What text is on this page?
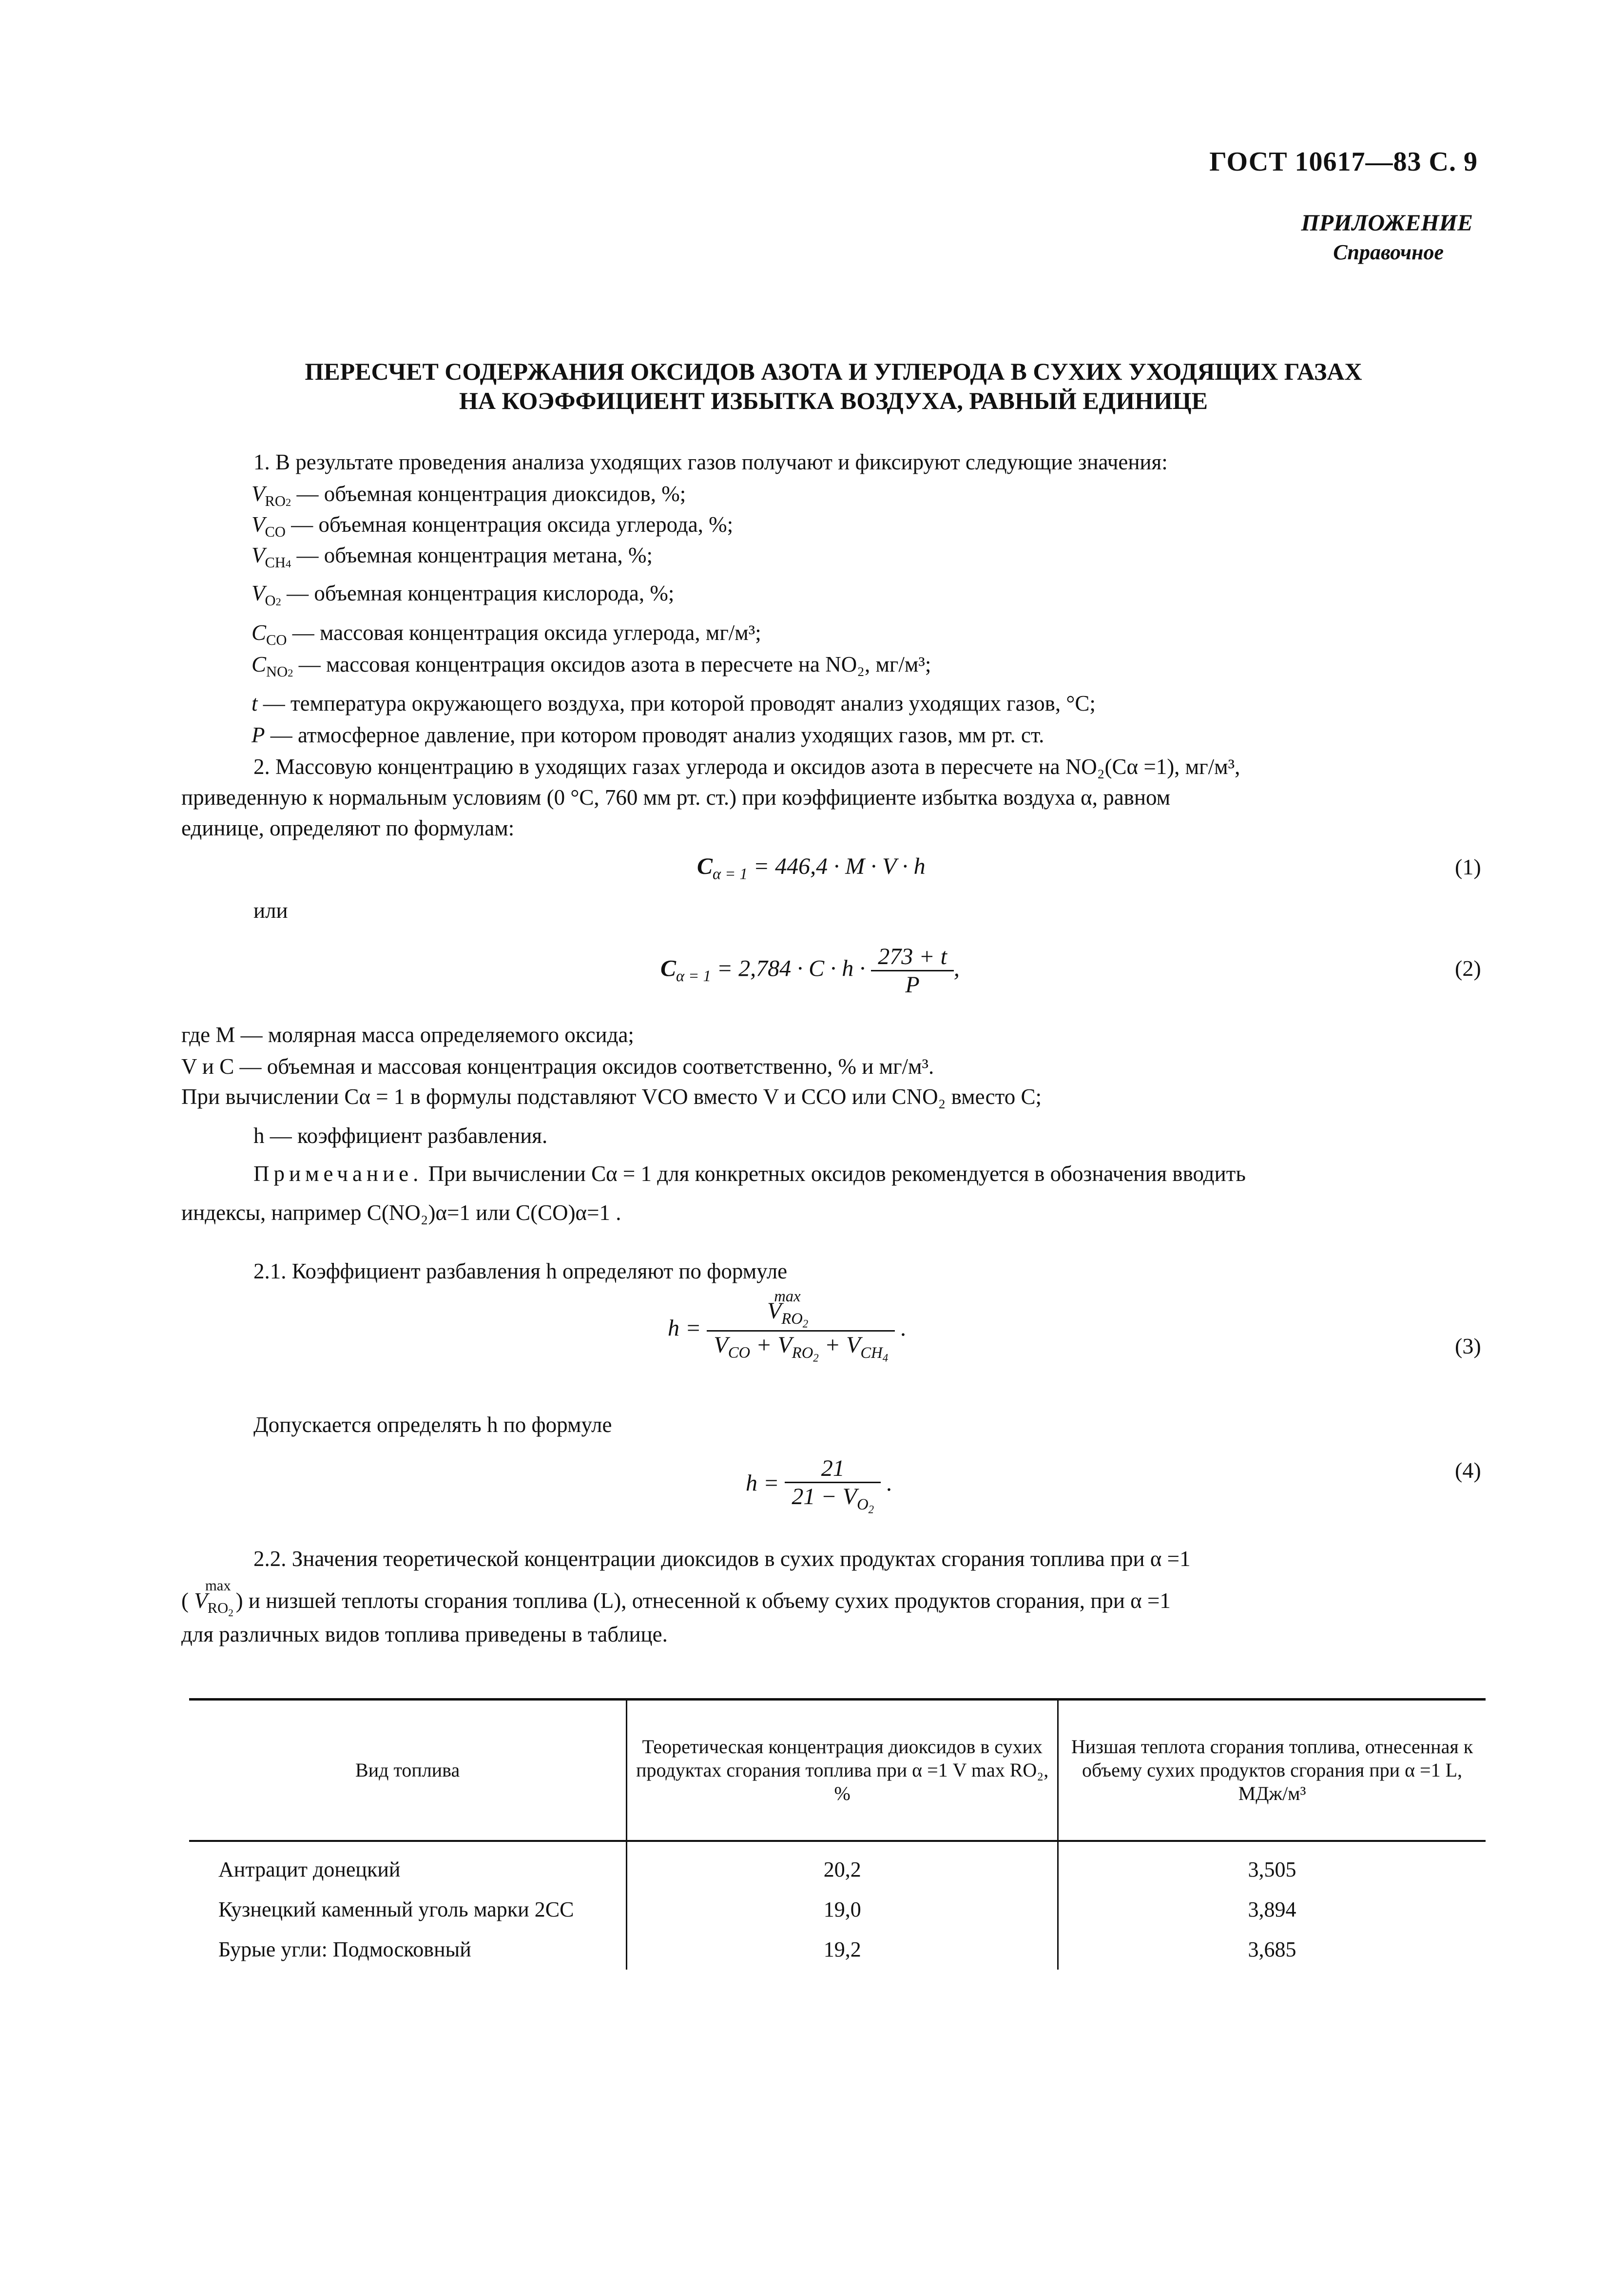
ГОСТ 10617—83 С. 9
ПРИЛОЖЕНИЕ
Справочное
ПЕРЕСЧЕТ СОДЕРЖАНИЯ ОКСИДОВ АЗОТА И УГЛЕРОДА В СУХИХ УХОДЯЩИХ ГАЗАХ
НА КОЭФФИЦИЕНТ ИЗБЫТКА ВОЗДУХА, РАВНЫЙ ЕДИНИЦЕ
1. В результате проведения анализа уходящих газов получают и фиксируют следующие значения:
$V_{RO2}$ — объемная концентрация диоксидов, %;
$V_{CO}$ — объемная концентрация оксида углерода, %;
$V_{CH4}$ — объемная концентрация метана, %;
$V_{O2}$ — объемная концентрация кислорода, %;
$C_{CO}$ — массовая концентрация оксида углерода, мг/м³;
$C_{NO2}$ — массовая концентрация оксидов азота в пересчете на NO₂, мг/м³;
t — температура окружающего воздуха, при которой проводят анализ уходящих газов, °С;
P — атмосферное давление, при котором проводят анализ уходящих газов, мм рт. ст.
2. Массовую концентрацию в уходящих газах углерода и оксидов азота в пересчете на NO₂(Cα =1), мг/м³,
приведенную к нормальным условиям (0 °С, 760 мм рт. ст.) при коэффициенте избытка воздуха α, равном
единице, определяют по формулам:
$C_{\alpha = 1} = 446,4 \cdot M \cdot V \cdot h$	(1)
или
$C_{\alpha = 1} = 2,784 \cdot C \cdot h \cdot \frac{273 + t}{P}$ ,	(2)
где M — молярная масса определяемого оксида;
V и C — объемная и массовая концентрация оксидов соответственно, % и мг/м³.
При вычислении Cα = 1 в формулы подставляют VCO вместо V и CCO или CNO₂ вместо C;
h — коэффициент разбавления.
Примечание. При вычислении Cα = 1 для конкретных оксидов рекомендуется в обозначения вводить
индексы, например C(NO₂)α=1 или C(CO)α=1 .
2.1. Коэффициент разбавления h определяют по формуле
$h = \frac{V_{RO_2}^{max}}{V_{CO} + V_{RO_2} + V_{CH_4}}$ .
(3)
Допускается определять h по формуле
$h = \frac{21}{21 - V_{O_2}}$ .
(4)
2.2. Значения теоретической концентрации диоксидов в сухих продуктах сгорания топлива при α =1
( $V_{RO_2}^{max}$) и низшей теплоты сгорания топлива (L), отнесенной к объему сухих продуктов сгорания, при α =1
для различных видов топлива приведены в таблице.
Вид топлива	Теоретическая концентрация диоксидов в сухих продуктах сгорания топлива при α =1 V max RO₂, %	Низшая теплота сгорания топлива, отнесенная к объему сухих продуктов сгорания при α =1 L, МДж/м³
Антрацит донецкий	20,2	3,505
Кузнецкий каменный уголь марки 2СС	19,0	3,894
Бурые угли: Подмосковный	19,2	3,685
